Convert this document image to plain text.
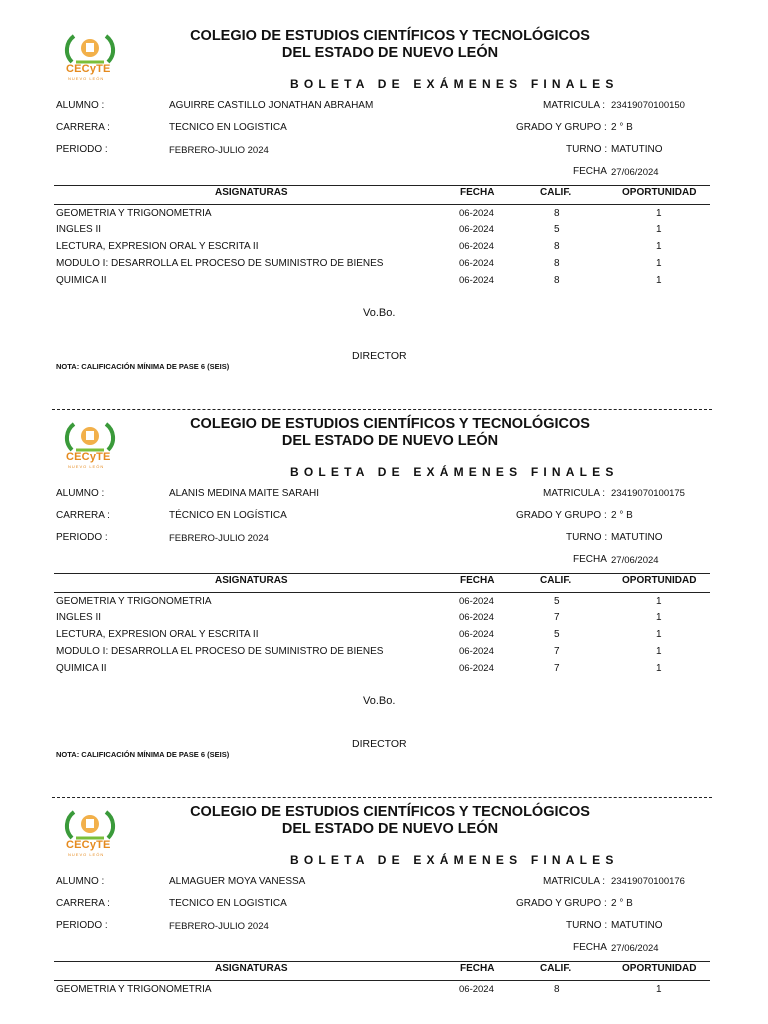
CECyTE
NUEVO LEÓN
COLEGIO DE ESTUDIOS CIENTÍFICOS Y TECNOLÓGICOS
DEL ESTADO DE NUEVO LEÓN
BOLETA DE EXÁMENES FINALES
ALUMNO :	AGUIRRE CASTILLO JONATHAN ABRAHAM	MATRICULA : 23419070100150
CARRERA :	TECNICO EN LOGISTICA	GRADO Y GRUPO : 2 ° B
PERIODO :	FEBRERO-JULIO 2024	TURNO : MATUTINO
FECHA 27/06/2024
ASIGNATURAS	FECHA	CALIF.	OPORTUNIDAD
GEOMETRIA Y TRIGONOMETRIA	06-2024	8	1
INGLES II	06-2024	5	1
LECTURA, EXPRESION ORAL Y ESCRITA II	06-2024	8	1
MODULO I: DESARROLLA EL PROCESO DE SUMINISTRO DE BIENES	06-2024	8	1
QUIMICA II	06-2024	8	1
Vo.Bo.
DIRECTOR
NOTA: CALIFICACIÓN MÍNIMA DE PASE 6 (SEIS)
CECyTE
NUEVO LEÓN
COLEGIO DE ESTUDIOS CIENTÍFICOS Y TECNOLÓGICOS
DEL ESTADO DE NUEVO LEÓN
BOLETA DE EXÁMENES FINALES
ALUMNO :	ALANIS MEDINA MAITE SARAHI	MATRICULA : 23419070100175
CARRERA :	TÉCNICO EN LOGÍSTICA	GRADO Y GRUPO : 2 ° B
PERIODO :	FEBRERO-JULIO 2024	TURNO : MATUTINO
FECHA 27/06/2024
ASIGNATURAS	FECHA	CALIF.	OPORTUNIDAD
GEOMETRIA Y TRIGONOMETRIA	06-2024	5	1
INGLES II	06-2024	7	1
LECTURA, EXPRESION ORAL Y ESCRITA II	06-2024	5	1
MODULO I: DESARROLLA EL PROCESO DE SUMINISTRO DE BIENES	06-2024	7	1
QUIMICA II	06-2024	7	1
Vo.Bo.
DIRECTOR
NOTA: CALIFICACIÓN MÍNIMA DE PASE 6 (SEIS)
CECyTE
NUEVO LEÓN
COLEGIO DE ESTUDIOS CIENTÍFICOS Y TECNOLÓGICOS
DEL ESTADO DE NUEVO LEÓN
BOLETA DE EXÁMENES FINALES
ALUMNO :	ALMAGUER MOYA VANESSA	MATRICULA : 23419070100176
CARRERA :	TECNICO EN LOGISTICA	GRADO Y GRUPO : 2 ° B
PERIODO :	FEBRERO-JULIO 2024	TURNO : MATUTINO
FECHA 27/06/2024
ASIGNATURAS	FECHA	CALIF.	OPORTUNIDAD
GEOMETRIA Y TRIGONOMETRIA	06-2024	8	1
